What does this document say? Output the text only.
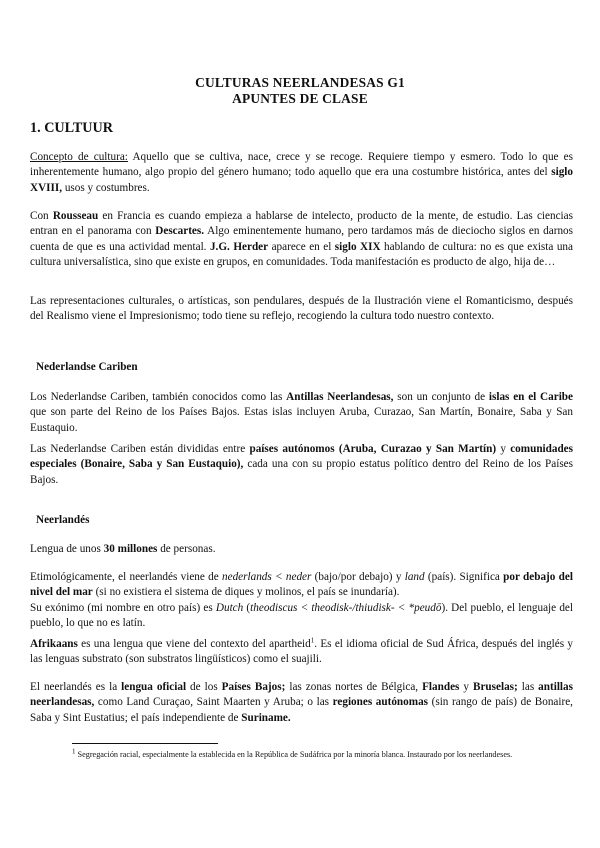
CULTURAS NEERLANDESAS G1
APUNTES DE CLASE
1. CULTUUR

Concepto de cultura: Aquello que se cultiva, nace, crece y se recoge. Requiere tiempo y esmero. Todo lo que es inherentemente humano, algo propio del género humano; todo aquello que era una costumbre histórica, antes del siglo XVIII, usos y costumbres.

Con Rousseau en Francia es cuando empieza a hablarse de intelecto, producto de la mente, de estudio. Las ciencias entran en el panorama con Descartes. Algo eminentemente humano, pero tardamos más de dieciocho siglos en darnos cuenta de que es una actividad mental. J.G. Herder aparece en el siglo XIX hablando de cultura: no es que exista una cultura universalística, sino que existe en grupos, en comunidades. Toda manifestación es producto de algo, hija de…

Las representaciones culturales, o artísticas, son pendulares, después de la Ilustración viene el Romanticismo, después del Realismo viene el Impresionismo; todo tiene su reflejo, recogiendo la cultura todo nuestro contexto.

Nederlandse Cariben

Los Nederlandse Cariben, también conocidos como las Antillas Neerlandesas, son un conjunto de islas en el Caribe que son parte del Reino de los Países Bajos. Estas islas incluyen Aruba, Curazao, San Martín, Bonaire, Saba y San Eustaquio.

Las Nederlandse Cariben están divididas entre países autónomos (Aruba, Curazao y San Martín) y comunidades especiales (Bonaire, Saba y San Eustaquio), cada una con su propio estatus político dentro del Reino de los Países Bajos.

Neerlandés

Lengua de unos 30 millones de personas.

Etimológicamente, el neerlandés viene de nederlands < neder (bajo/por debajo) y land (país). Significa por debajo del nivel del mar (si no existiera el sistema de diques y molinos, el país se inundaría).
Su exónimo (mi nombre en otro país) es Dutch (theodiscus < theodisk-/thiudisk- < *peudō). Del pueblo, el lenguaje del pueblo, lo que no es latín.

Afrikaans es una lengua que viene del contexto del apartheid$^1$. Es el idioma oficial de Sud África, después del inglés y las lenguas substrato (son substratos lingüísticos) como el suajili.

El neerlandés es la lengua oficial de los Países Bajos; las zonas nortes de Bélgica, Flandes y Bruselas; las antillas neerlandesas, como Land Curaçao, Saint Maarten y Aruba; o las regiones autónomas (sin rango de país) de Bonaire, Saba y Sint Eustatius; el país independiente de Suriname.

$^1$ Segregación racial, especialmente la establecida en la República de Sudáfrica por la minoría blanca. Instaurado por los neerlandeses.
